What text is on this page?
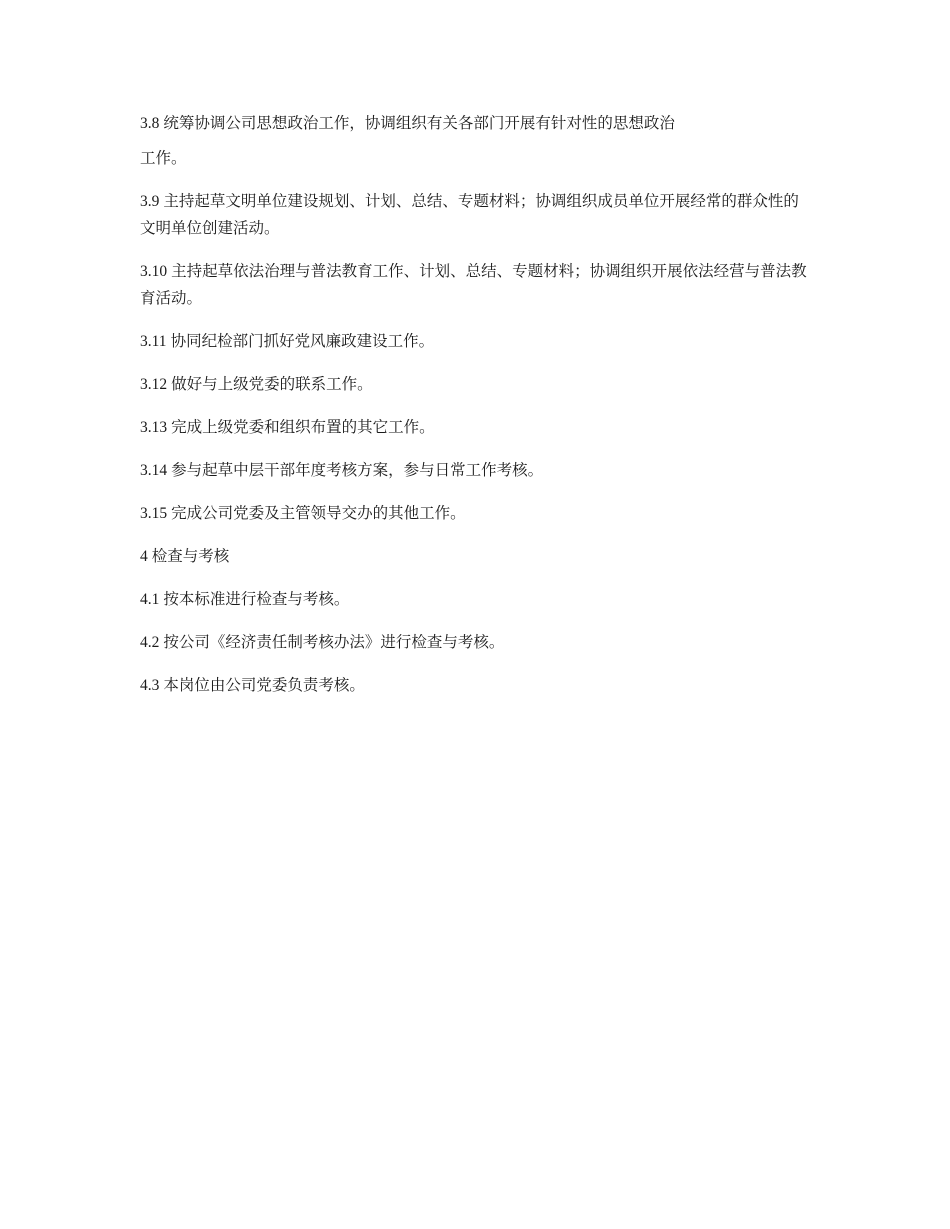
3.8 统筹协调公司思想政治工作，协调组织有关各部门开展有针对性的思想政治

工作。

3.9 主持起草文明单位建设规划、计划、总结、专题材料；协调组织成员单位开展经常的群众性的文明单位创建活动。

3.10 主持起草依法治理与普法教育工作、计划、总结、专题材料；协调组织开展依法经营与普法教育活动。

3.11 协同纪检部门抓好党风廉政建设工作。

3.12 做好与上级党委的联系工作。

3.13 完成上级党委和组织布置的其它工作。

3.14 参与起草中层干部年度考核方案，参与日常工作考核。

3.15 完成公司党委及主管领导交办的其他工作。

4 检查与考核

4.1 按本标准进行检查与考核。

4.2 按公司《经济责任制考核办法》进行检查与考核。

4.3 本岗位由公司党委负责考核。
